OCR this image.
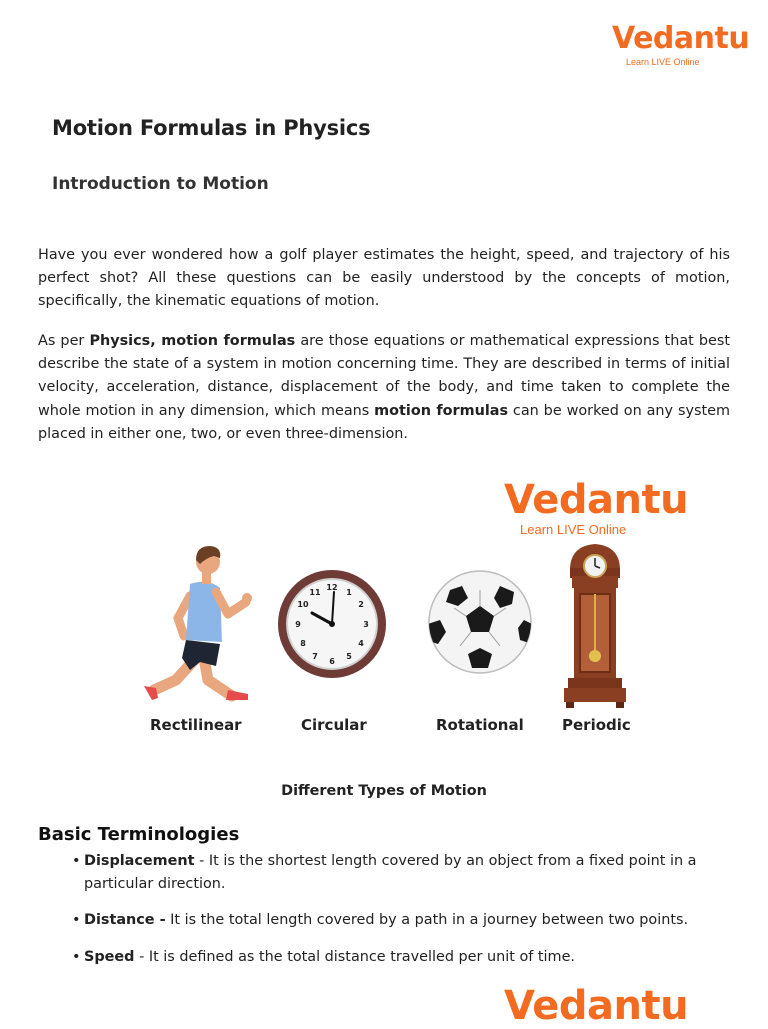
Vedantu
Learn LIVE Online
Motion Formulas in Physics
Introduction to Motion

Have you ever wondered how a golf player estimates the height, speed, and trajectory of his perfect shot? All these questions can be easily understood by the concepts of motion, specifically, the kinematic equations of motion.

As per Physics, motion formulas are those equations or mathematical expressions that best describe the state of a system in motion concerning time. They are described in terms of initial velocity, acceleration, distance, displacement of the body, and time taken to complete the whole motion in any dimension, which means motion formulas can be worked on any system placed in either one, two, or even three-dimension.

Vedantu
Learn LIVE Online
12
1
2
3
4
5
6
7
8
9
10
11
Rectilinear	Circular	Rotational	Periodic

Different Types of Motion

Basic Terminologies
• Displacement - It is the shortest length covered by an object from a fixed point in a particular direction.
• Distance - It is the total length covered by a path in a journey between two points.
• Speed - It is defined as the total distance travelled per unit of time.
Vedantu
